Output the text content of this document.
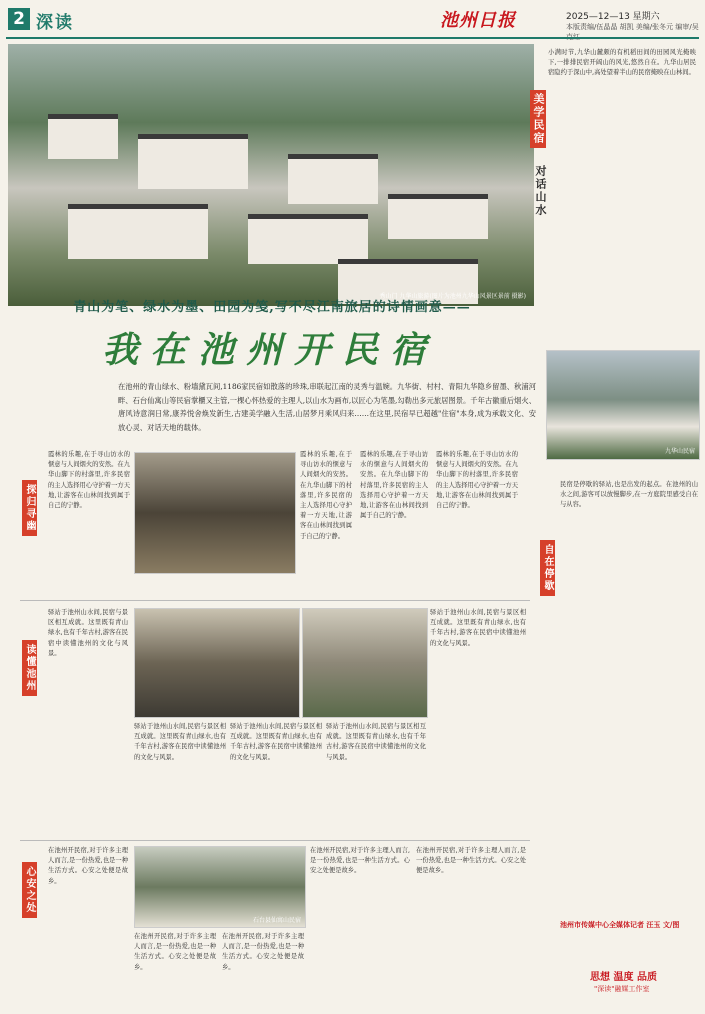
2 深读	池州日报	2025—12—13 星期六
本版责编/伍晶晶 胡凯 美编/张冬元 编审/吴
秀山门 九华山旅游(图片为池州九华山风景区景前 摄影)
小满时节,九华山麓颇的有机稻田间的田园风光掩映下,一排排民宿开阔山的风光,悠然自在。九华山居民宿隐约于深山中,高处望着半山的民宿掩映在山林间。
美学民宿
对话山水
青山为笔、绿水为墨、田园为笺,写不尽江南旅居的诗情画意——
我在池州开民宿
在池州的青山绿水、粉墙黛瓦间,1186家民宿如散落的珍珠,串联起江南的灵秀与温婉。九华街、村村、青阳九华隐乡留墨、秋浦河畔、石台仙寓山等民宿掌櫃又主管,一棵心怀热爱的主理人,以山水为画布,以匠心为笔墨,勾勒出多元旅居图景。千年古徽重后烟火、唐风诗意润日常,康养悦舍焕发新生,古建美学融入生活,山居梦月乘风归来……在这里,民宿早已超越"住宿"本身,成为承载文化、安放心灵、对话天地的载体。
九华山民宿
探归寻幽
霞林的乐趣,在于寻山访水的惬意与人间烟火的安然。在九华山脚下的村落里,许多民宿的主人选择用心守护着一方天地,让游客在山林间找到属于自己的宁静。
霞林的乐趣,在于寻山访水的惬意与人间烟火的安然。在九华山脚下的村落里,许多民宿的主人选择用心守护着一方天地,让游客在山林间找到属于自己的宁静。
霞林的乐趣,在于寻山访水的惬意与人间烟火的安然。在九华山脚下的村落里,许多民宿的主人选择用心守护着一方天地,让游客在山林间找到属于自己的宁静。
霞林的乐趣,在于寻山访水的惬意与人间烟火的安然。在九华山脚下的村落里,许多民宿的主人选择用心守护着一方天地,让游客在山林间找到属于自己的宁静。
自在停歇
民宿是停歇的驿站,也是出发的起点。在池州的山水之间,游客可以放慢脚步,在一方庭院里感受自在与从容。
读懂池州
驿站于池州山水间,民宿与景区相互成就。这里既有青山绿水,也有千年古村,游客在民宿中读懂池州的文化与风景。
驿站于池州山水间,民宿与景区相互成就。这里既有青山绿水,也有千年古村,游客在民宿中读懂池州的文化与风景。
驿站于池州山水间,民宿与景区相互成就。这里既有青山绿水,也有千年古村,游客在民宿中读懂池州的文化与风景。
驿站于池州山水间,民宿与景区相互成就。这里既有青山绿水,也有千年古村,游客在民宿中读懂池州的文化与风景。
驿站于池州山水间,民宿与景区相互成就。这里既有青山绿水,也有千年古村,游客在民宿中读懂池州的文化与风景。
心安之处
在池州开民宿,对于许多主理人而言,是一份热爱,也是一种生活方式。心安之处便是故乡。
石台县仙寓山民宿
在池州开民宿,对于许多主理人而言,是一份热爱,也是一种生活方式。心安之处便是故乡。
在池州开民宿,对于许多主理人而言,是一份热爱,也是一种生活方式。心安之处便是故乡。
在池州开民宿,对于许多主理人而言,是一份热爱,也是一种生活方式。心安之处便是故乡。
在池州开民宿,对于许多主理人而言,是一份热爱,也是一种生活方式。心安之处便是故乡。
池州市传媒中心全媒体记者 汪玉 文/图
思想 温度 品质
"深读"融媒工作室
